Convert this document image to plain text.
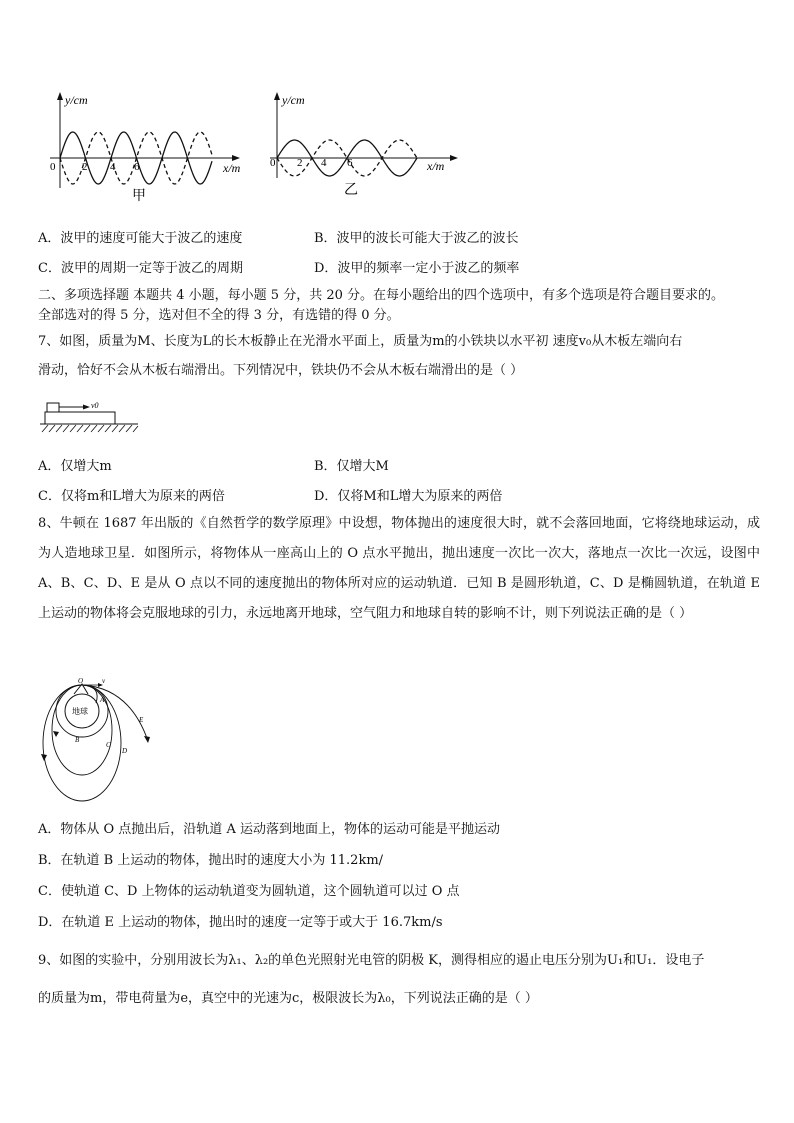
y/cm
x/m
0 2 4 6
甲
y/cm
x/m
0 2 4 6
乙
A．波甲的速度可能大于波乙的速度	B．波甲的波长可能大于波乙的波长
C．波甲的周期一定等于波乙的周期	D．波甲的频率一定小于波乙的频率
二、多项选择题 本题共 4 小题，每小题 5 分，共 20 分。在每小题给出的四个选项中，有多个选项是符合题目要求的。
全部选对的得 5 分，选对但不全的得 3 分，有选错的得 0 分。
7、如图，质量为M、长度为L的长木板静止在光滑水平面上，质量为m的小铁块以水平初 速度v₀从木板左端向右
滑动，恰好不会从木板右端滑出。下列情况中，铁块仍不会从木板右端滑出的是（ ）
v0
A．仅增大m	B．仅增大M
C．仅将m和L增大为原来的两倍	D．仅将M和L增大为原来的两倍
8、牛顿在 1687 年出版的《自然哲学的数学原理》中设想，物体抛出的速度很大时，就不会落回地面，它将绕地球运动，成为人造地球卫星．如图所示，将物体从一座高山上的 O 点水平抛出，抛出速度一次比一次大，落地点一次比一次远，设图中 A、B、C、D、E 是从 O 点以不同的速度抛出的物体所对应的运动轨道．已知 B 是圆形轨道，C、D 是椭圆轨道，在轨道 E 上运动的物体将会克服地球的引力，永远地离开地球，空气阻力和地球自转的影响不计，则下列说法正确的是（ ）
地球
O	v
A
B
C
D
E
A．物体从 O 点抛出后，沿轨道 A 运动落到地面上，物体的运动可能是平抛运动
B．在轨道 B 上运动的物体，抛出时的速度大小为 11.2km/
C．使轨道 C、D 上物体的运动轨道变为圆轨道，这个圆轨道可以过 O 点
D．在轨道 E 上运动的物体，抛出时的速度一定等于或大于 16.7km/s
9、如图的实验中，分别用波长为λ₁、λ₂的单色光照射光电管的阴极 K，测得相应的遏止电压分别为U₁和U₁．设电子
的质量为m，带电荷量为e，真空中的光速为c，极限波长为λ₀，下列说法正确的是（ ）
